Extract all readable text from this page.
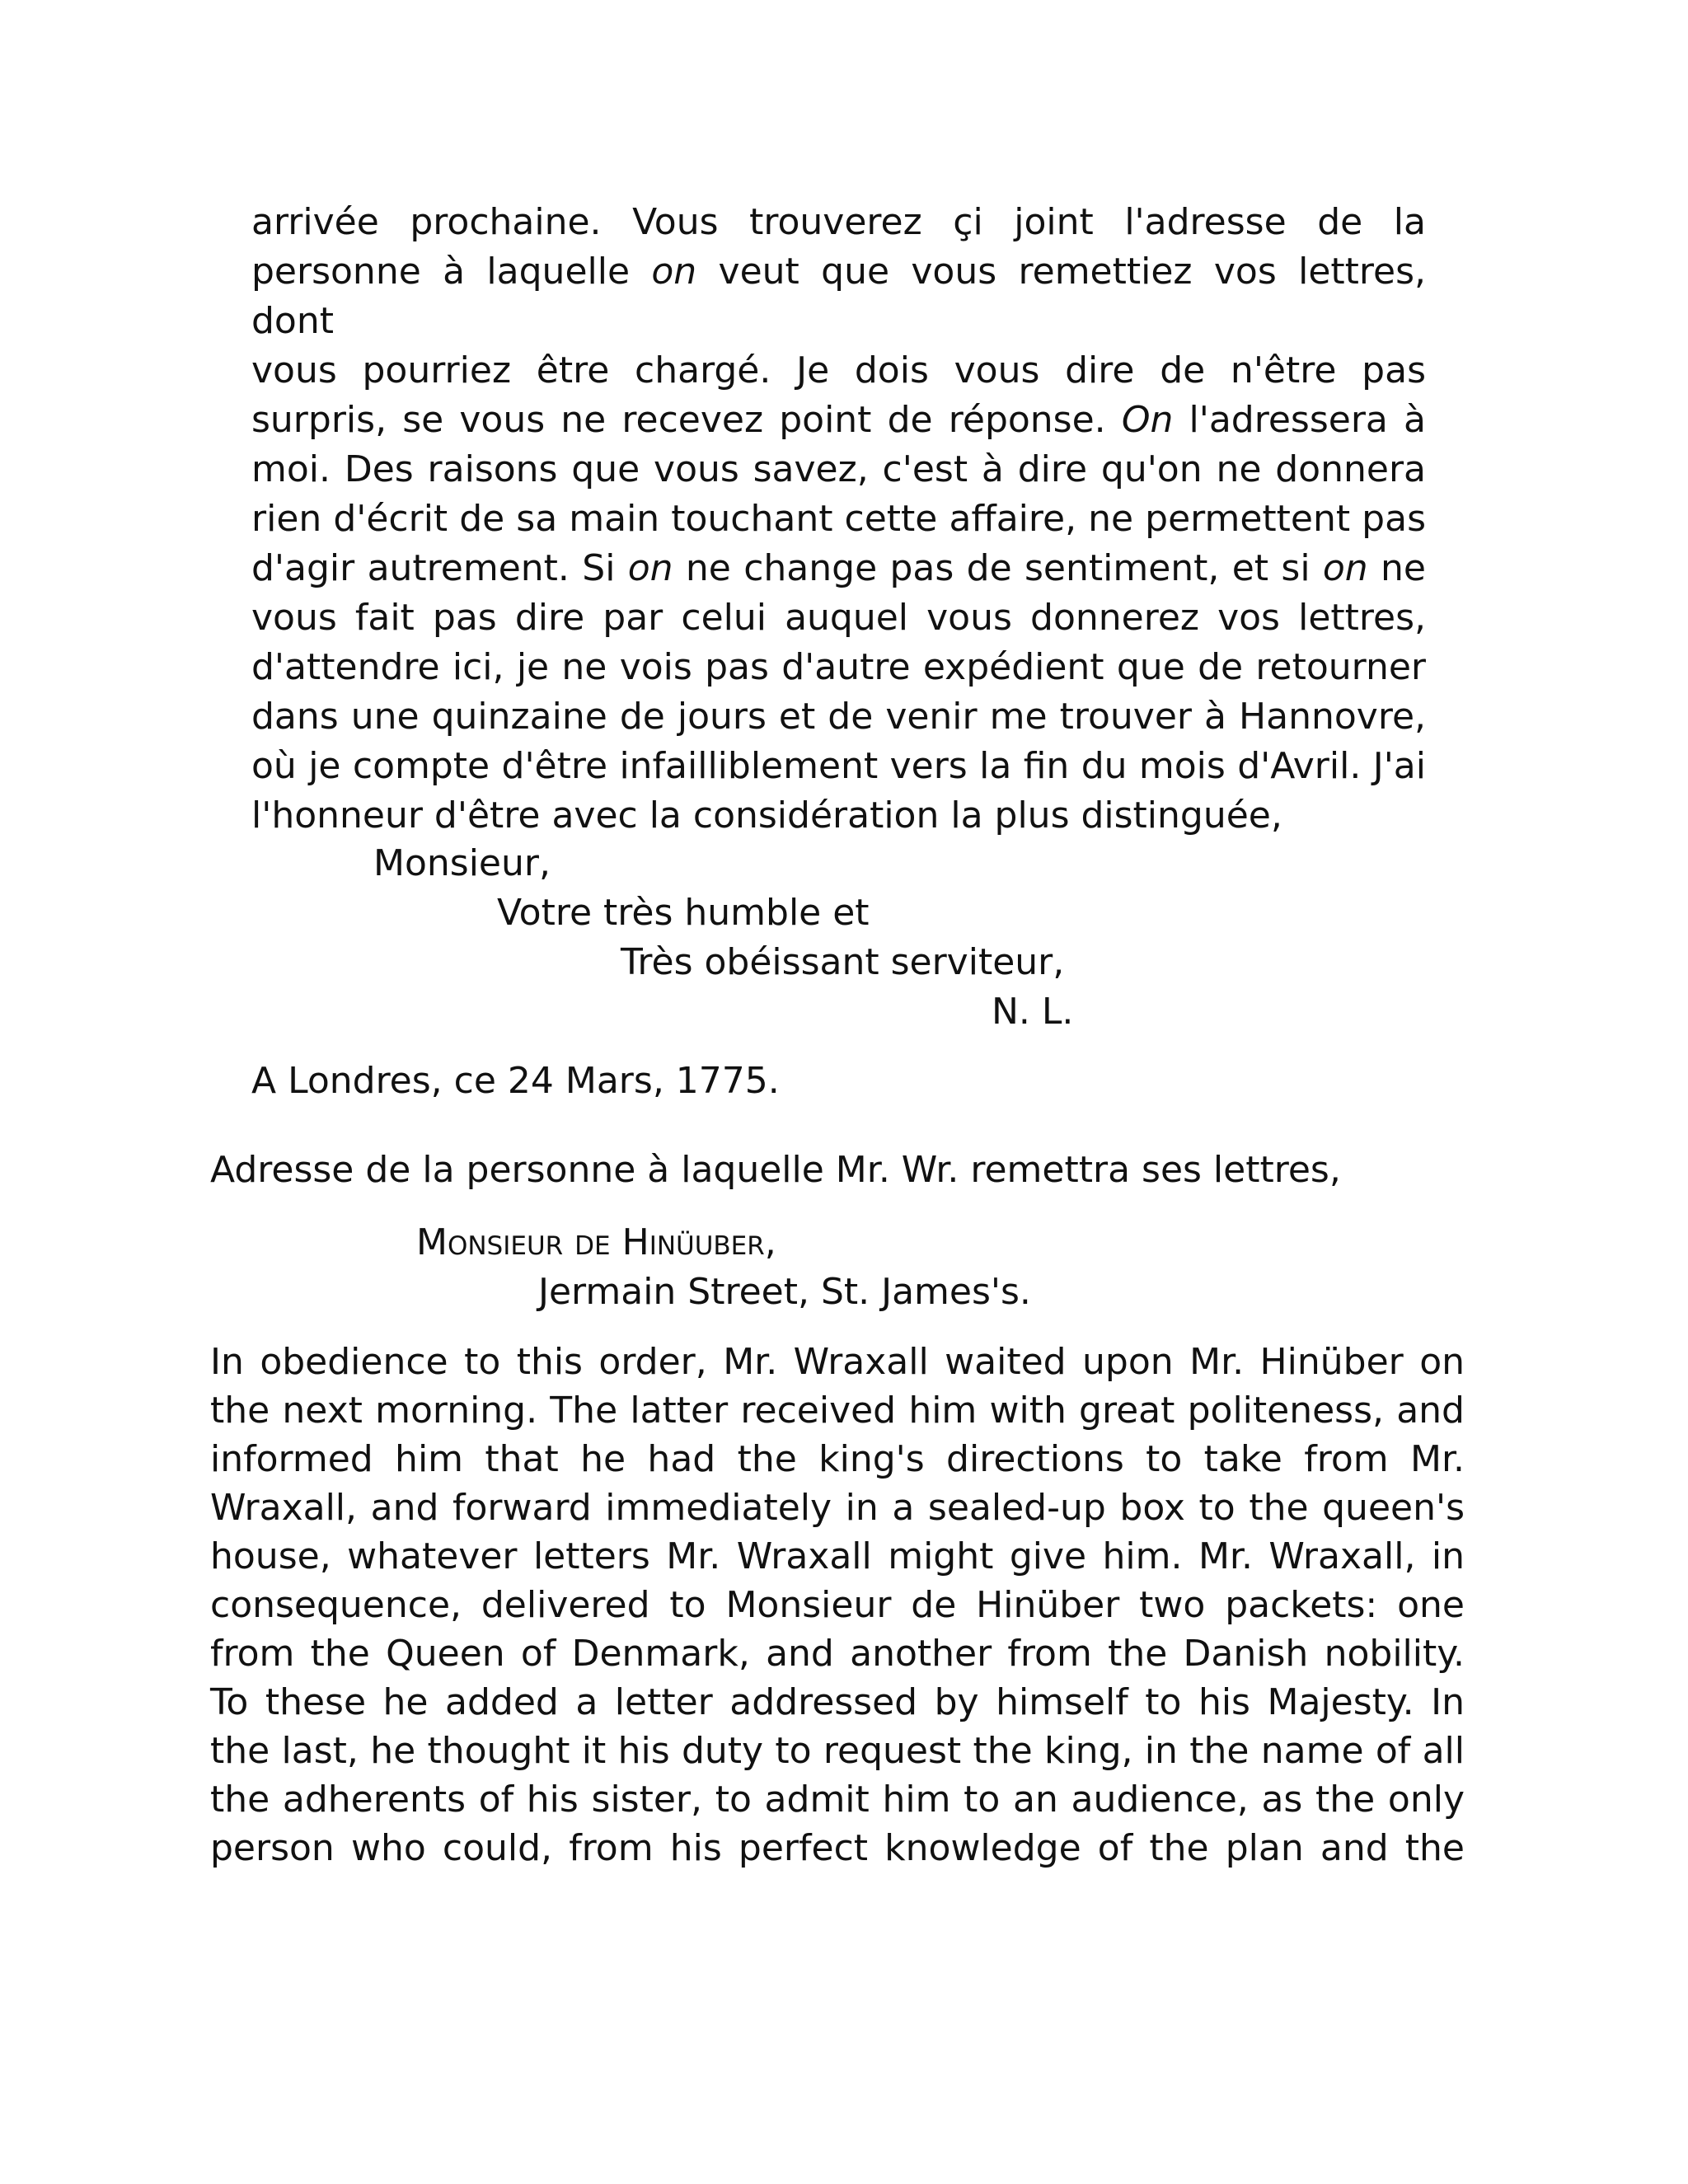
arrivée prochaine. Vous trouverez çi joint l'adresse de la
personne à laquelle on veut que vous remettiez vos lettres, dont
vous pourriez être chargé. Je dois vous dire de n'être pas
surpris, se vous ne recevez point de réponse. On l'adressera à
moi. Des raisons que vous savez, c'est à dire qu'on ne donnera
rien d'écrit de sa main touchant cette affaire, ne permettent pas
d'agir autrement. Si on ne change pas de sentiment, et si on ne
vous fait pas dire par celui auquel vous donnerez vos lettres,
d'attendre ici, je ne vois pas d'autre expédient que de retourner
dans une quinzaine de jours et de venir me trouver à Hannovre,
où je compte d'être infailliblement vers la fin du mois d'Avril. J'ai
l'honneur d'être avec la considération la plus distinguée,
Monsieur,
Votre très humble et
Très obéissant serviteur,
N. L.
A Londres, ce 24 Mars, 1775.
Adresse de la personne à laquelle Mr. Wr. remettra ses lettres,
Monsieur de Hinüuber,
Jermain Street, St. James's.
In obedience to this order, Mr. Wraxall waited upon Mr. Hinüber on
the next morning. The latter received him with great politeness, and
informed him that he had the king's directions to take from Mr.
Wraxall, and forward immediately in a sealed-up box to the queen's
house, whatever letters Mr. Wraxall might give him. Mr. Wraxall, in
consequence, delivered to Monsieur de Hinüber two packets: one
from the Queen of Denmark, and another from the Danish nobility.
To these he added a letter addressed by himself to his Majesty. In
the last, he thought it his duty to request the king, in the name of all
the adherents of his sister, to admit him to an audience, as the only
person who could, from his perfect knowledge of the plan and the
